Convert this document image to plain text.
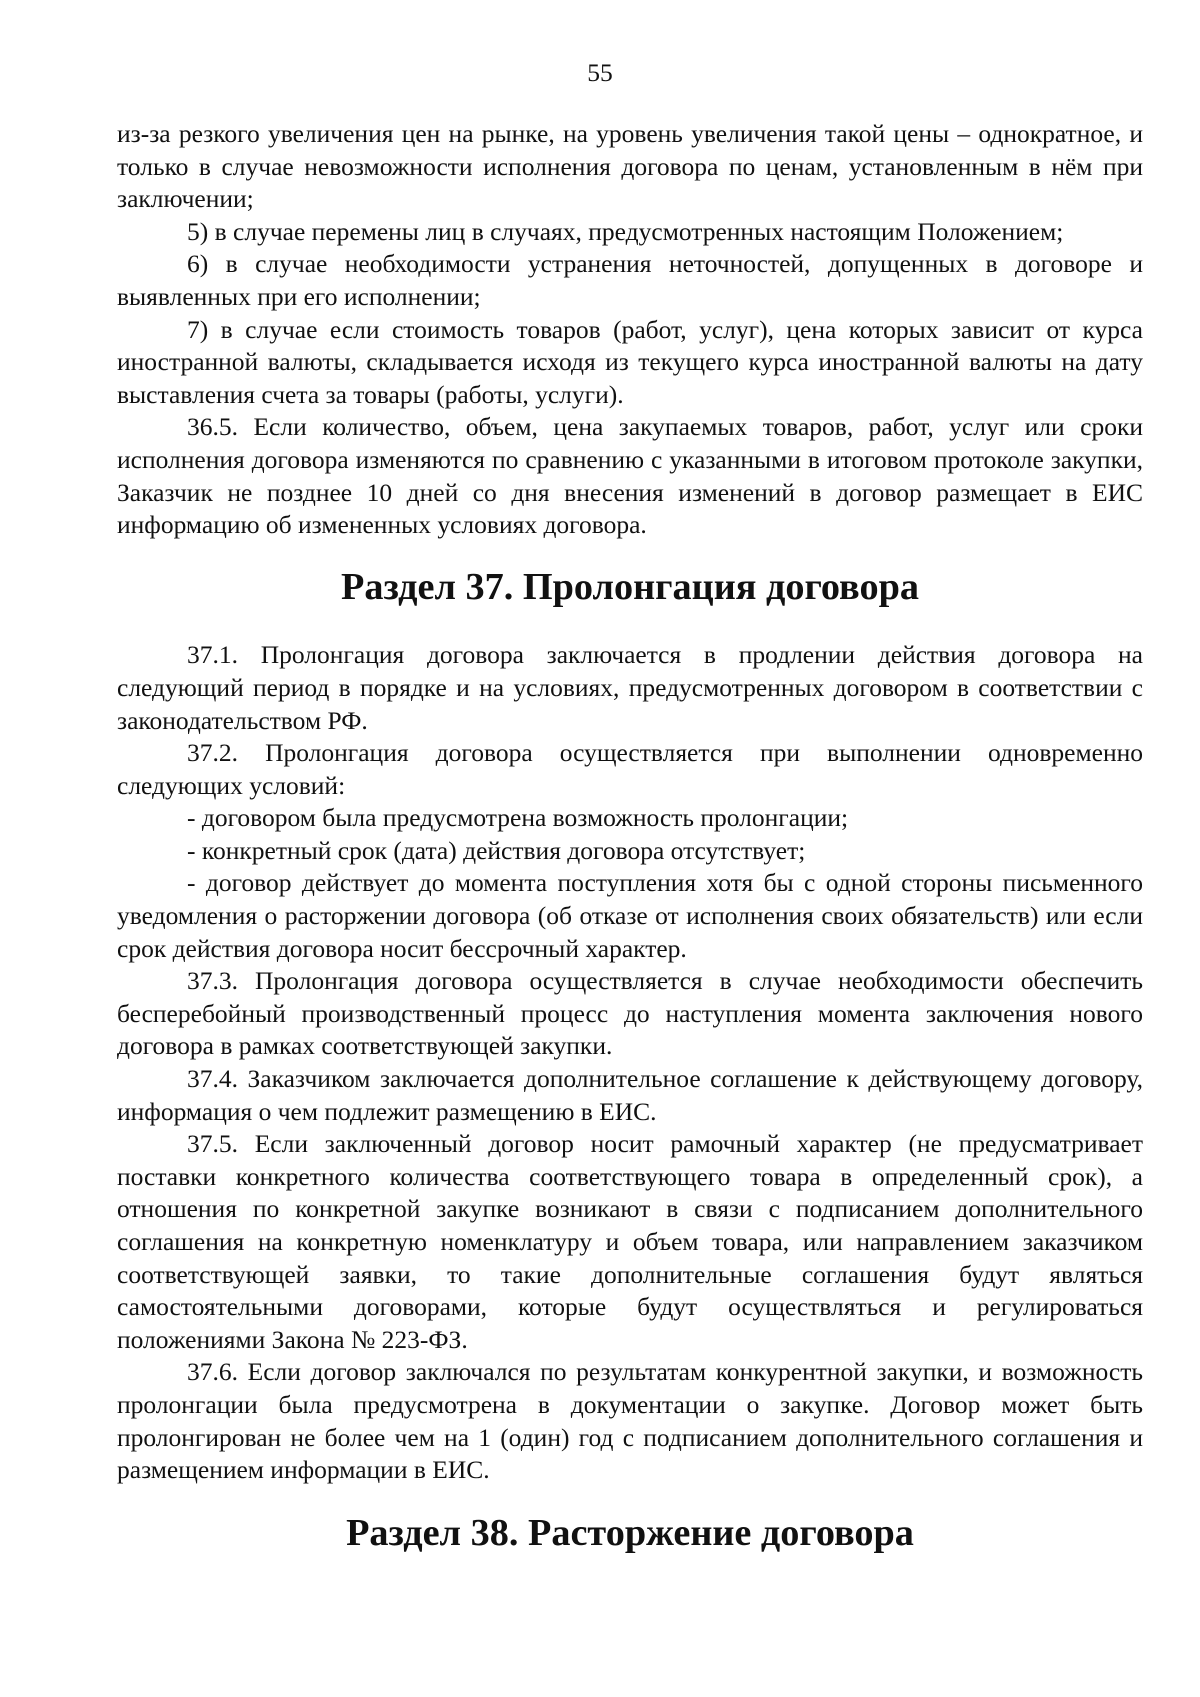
55

из-за резкого увеличения цен на рынке, на уровень увеличения такой цены – однократное, и только в случае невозможности исполнения договора по ценам, установленным в нём при заключении;

5) в случае перемены лиц в случаях, предусмотренных настоящим Положением;

6) в случае необходимости устранения неточностей, допущенных в договоре и выявленных при его исполнении;

7) в случае если стоимость товаров (работ, услуг), цена которых зависит от курса иностранной валюты, складывается исходя из текущего курса иностранной валюты на дату выставления счета за товары (работы, услуги).

36.5. Если количество, объем, цена закупаемых товаров, работ, услуг или сроки исполнения договора изменяются по сравнению с указанными в итоговом протоколе закупки, Заказчик не позднее 10 дней со дня внесения изменений в договор размещает в ЕИС информацию об измененных условиях договора.

Раздел 37. Пролонгация договора

37.1. Пролонгация договора заключается в продлении действия договора на следующий период в порядке и на условиях, предусмотренных договором в соответствии с законодательством РФ.

37.2. Пролонгация договора осуществляется при выполнении одновременно следующих условий:

- договором была предусмотрена возможность пролонгации;

- конкретный срок (дата) действия договора отсутствует;

- договор действует до момента поступления хотя бы с одной стороны письменного уведомления о расторжении договора (об отказе от исполнения своих обязательств) или если срок действия договора носит бессрочный характер.

37.3. Пролонгация договора осуществляется в случае необходимости обеспечить бесперебойный производственный процесс до наступления момента заключения нового договора в рамках соответствующей закупки.

37.4. Заказчиком заключается дополнительное соглашение к действующему договору, информация о чем подлежит размещению в ЕИС.

37.5. Если заключенный договор носит рамочный характер (не предусматривает поставки конкретного количества соответствующего товара в определенный срок), а отношения по конкретной закупке возникают в связи с подписанием дополнительного соглашения на конкретную номенклатуру и объем товара, или направлением заказчиком соответствующей заявки, то такие дополнительные соглашения будут являться самостоятельными договорами, которые будут осуществляться и регулироваться положениями Закона № 223-ФЗ.

37.6. Если договор заключался по результатам конкурентной закупки, и возможность пролонгации была предусмотрена в документации о закупке. Договор может быть пролонгирован не более чем на 1 (один) год с подписанием дополнительного соглашения и размещением информации в ЕИС.

Раздел 38. Расторжение договора
